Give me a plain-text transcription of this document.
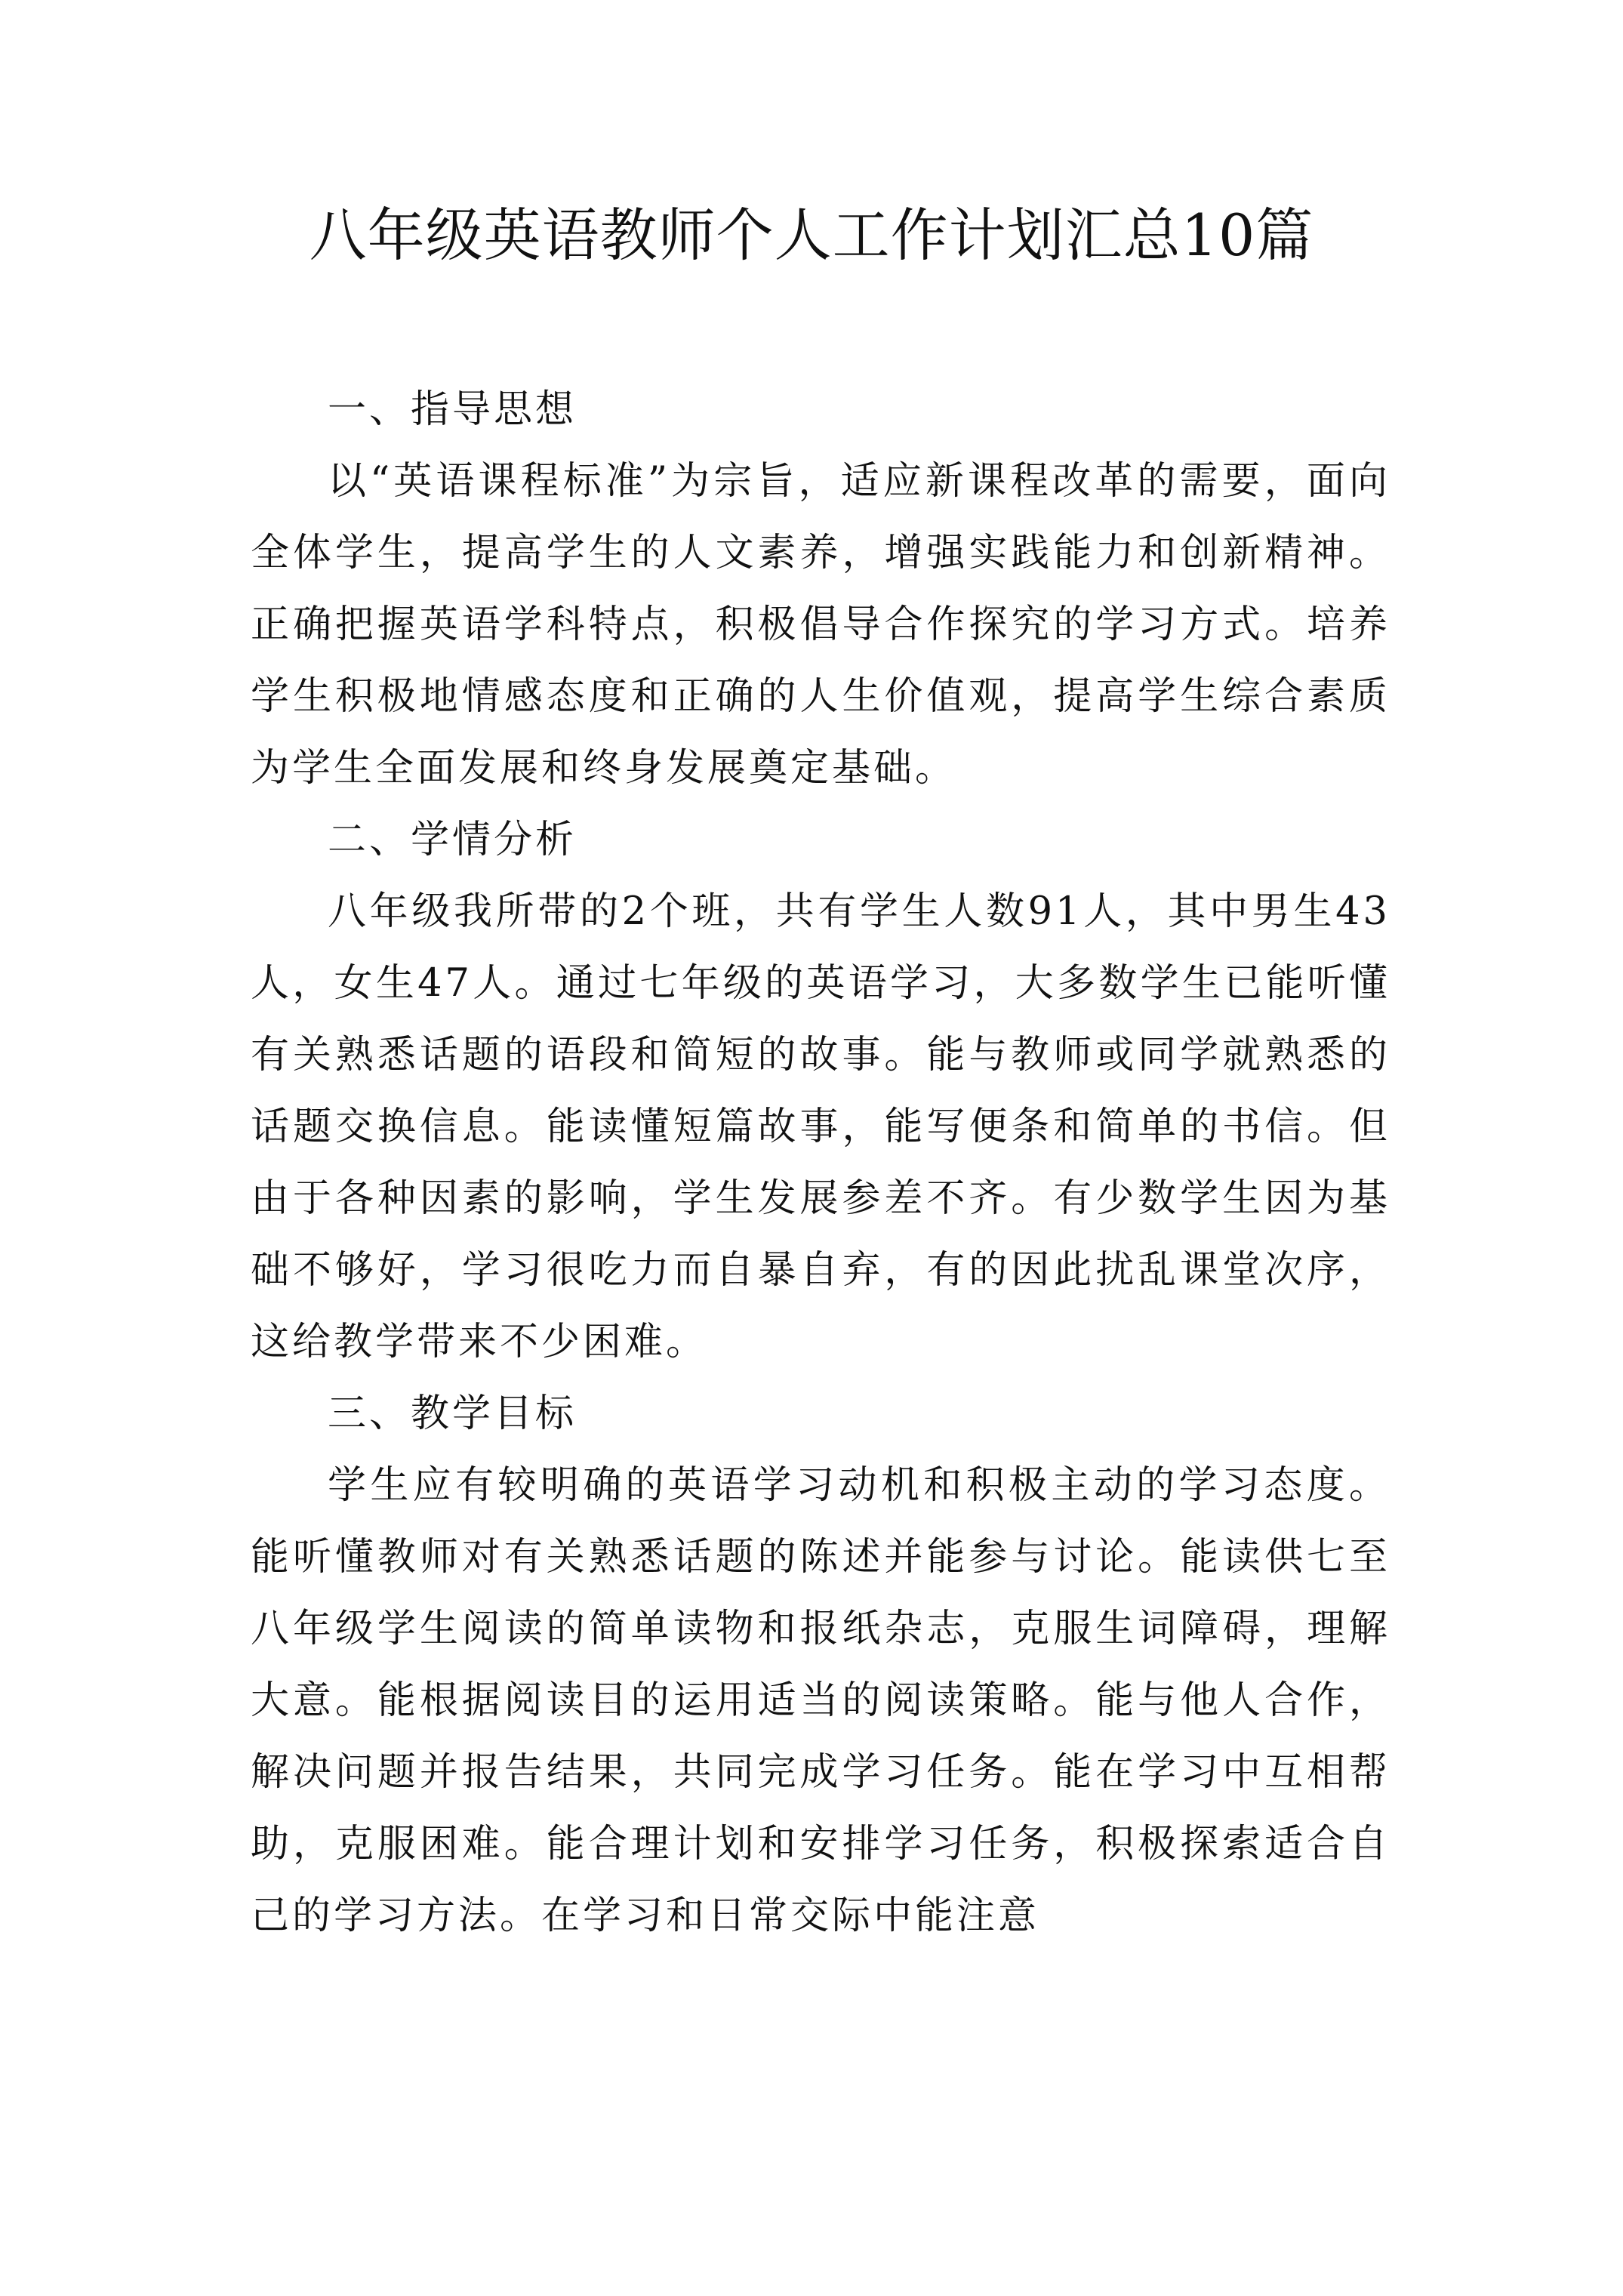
八年级英语教师个人工作计划汇总10篇

一、指导思想

以“英语课程标准”为宗旨，适应新课程改革的需要，面向全体学生，提高学生的人文素养，增强实践能力和创新精神。正确把握英语学科特点，积极倡导合作探究的学习方式。培养学生积极地情感态度和正确的人生价值观，提高学生综合素质为学生全面发展和终身发展奠定基础。

二、学情分析

八年级我所带的2个班，共有学生人数91人，其中男生43人，女生47人。通过七年级的英语学习，大多数学生已能听懂有关熟悉话题的语段和简短的故事。能与教师或同学就熟悉的话题交换信息。能读懂短篇故事，能写便条和简单的书信。但由于各种因素的影响，学生发展参差不齐。有少数学生因为基础不够好，学习很吃力而自暴自弃，有的因此扰乱课堂次序，这给教学带来不少困难。

三、教学目标

学生应有较明确的英语学习动机和积极主动的学习态度。能听懂教师对有关熟悉话题的陈述并能参与讨论。能读供七至八年级学生阅读的简单读物和报纸杂志，克服生词障碍，理解大意。能根据阅读目的运用适当的阅读策略。能与他人合作，解决问题并报告结果，共同完成学习任务。能在学习中互相帮助，克服困难。能合理计划和安排学习任务，积极探索适合自己的学习方法。在学习和日常交际中能注意
